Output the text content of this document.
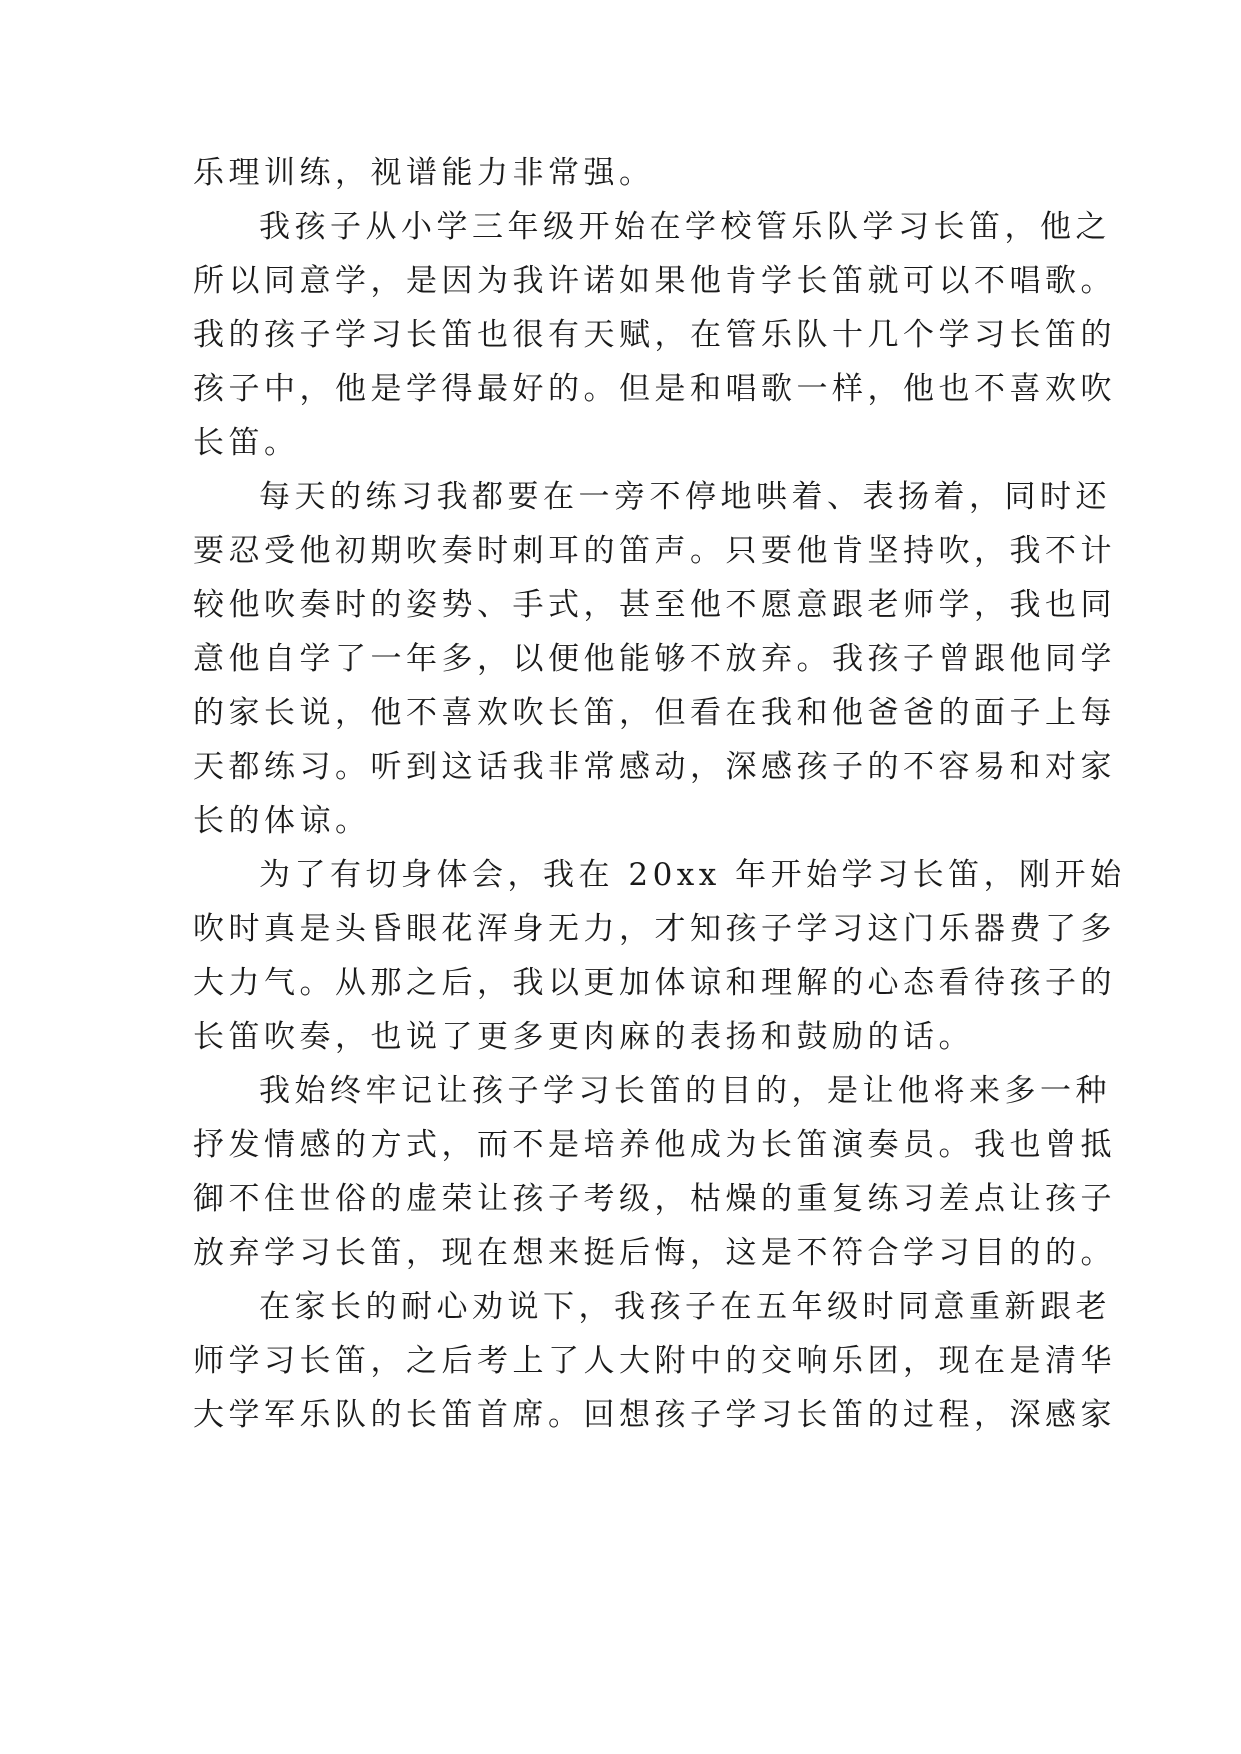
乐理训练，视谱能力非常强。
我孩子从小学三年级开始在学校管乐队学习长笛，他之
所以同意学，是因为我许诺如果他肯学长笛就可以不唱歌。
我的孩子学习长笛也很有天赋，在管乐队十几个学习长笛的
孩子中，他是学得最好的。但是和唱歌一样，他也不喜欢吹
长笛。
每天的练习我都要在一旁不停地哄着、表扬着，同时还
要忍受他初期吹奏时刺耳的笛声。只要他肯坚持吹，我不计
较他吹奏时的姿势、手式，甚至他不愿意跟老师学，我也同
意他自学了一年多，以便他能够不放弃。我孩子曾跟他同学
的家长说，他不喜欢吹长笛，但看在我和他爸爸的面子上每
天都练习。听到这话我非常感动，深感孩子的不容易和对家
长的体谅。
为了有切身体会，我在 20xx 年开始学习长笛，刚开始
吹时真是头昏眼花浑身无力，才知孩子学习这门乐器费了多
大力气。从那之后，我以更加体谅和理解的心态看待孩子的
长笛吹奏，也说了更多更肉麻的表扬和鼓励的话。
我始终牢记让孩子学习长笛的目的，是让他将来多一种
抒发情感的方式，而不是培养他成为长笛演奏员。我也曾抵
御不住世俗的虚荣让孩子考级，枯燥的重复练习差点让孩子
放弃学习长笛，现在想来挺后悔，这是不符合学习目的的。
在家长的耐心劝说下，我孩子在五年级时同意重新跟老
师学习长笛，之后考上了人大附中的交响乐团，现在是清华
大学军乐队的长笛首席。回想孩子学习长笛的过程，深感家
